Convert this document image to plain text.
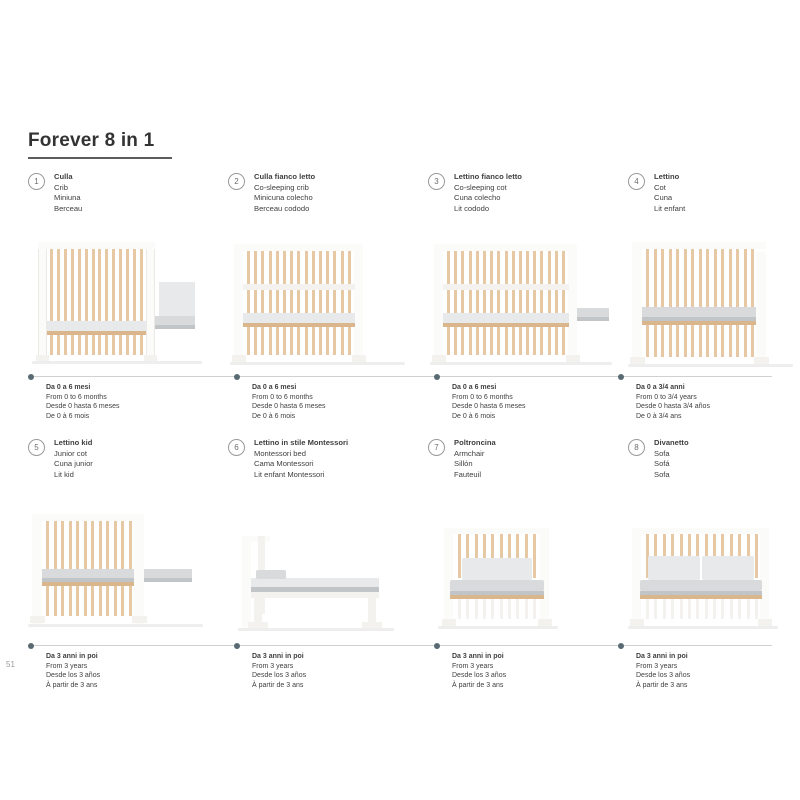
Forever 8 in 1
51
1
Culla
Crib
Miniuna
Berceau
2
Culla fianco letto
Co-sleeping crib
Minicuna colecho
Berceau cododo
3
Lettino fianco letto
Co-sleeping cot
Cuna colecho
Lit cododo
4
Lettino
Cot
Cuna
Lit enfant
Da 0 a 6 mesi
From 0 to 6 months
Desde 0 hasta 6 meses
De 0 à 6 mois
Da 0 a 6 mesi
From 0 to 6 months
Desde 0 hasta 6 meses
De 0 à 6 mois
Da 0 a 6 mesi
From 0 to 6 months
Desde 0 hasta 6 meses
De 0 à 6 mois
Da 0 a 3/4 anni
From 0 to 3/4 years
Desde 0 hasta 3/4 años
De 0 à 3/4 ans
5
Lettino kid
Junior cot
Cuna junior
Lit kid
6
Lettino in stile Montessori
Montessori bed
Cama Montessori
Lit enfant Montessori
7
Poltroncina
Armchair
Sillón
Fauteuil
8
Divanetto
Sofa
Sofá
Sofa
Da 3 anni in poi
From 3 years
Desde los 3 años
À partir de 3 ans
Da 3 anni in poi
From 3 years
Desde los 3 años
À partir de 3 ans
Da 3 anni in poi
From 3 years
Desde los 3 años
À partir de 3 ans
Da 3 anni in poi
From 3 years
Desde los 3 años
À partir de 3 ans
